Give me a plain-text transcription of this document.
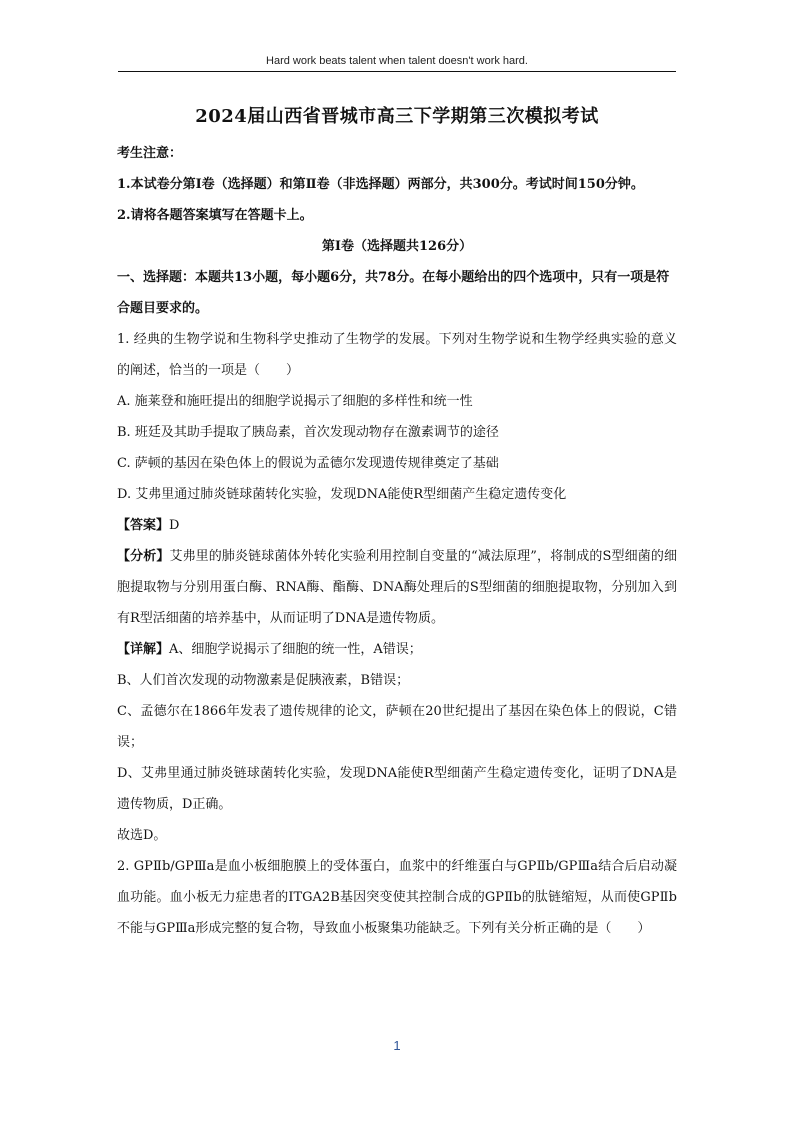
Hard work beats talent when talent doesn't work hard.
2024届山西省晋城市高三下学期第三次模拟考试

考生注意：

1.本试卷分第Ⅰ卷（选择题）和第Ⅱ卷（非选择题）两部分，共300分。考试时间150分钟。

2.请将各题答案填写在答题卡上。

第Ⅰ卷（选择题共126分）

一、选择题：本题共13小题，每小题6分，共78分。在每小题给出的四个选项中，只有一项是符合题目要求的。

1. 经典的生物学说和生物科学史推动了生物学的发展。下列对生物学说和生物学经典实验的意义的阐述，恰当的一项是（　　）

A. 施莱登和施旺提出的细胞学说揭示了细胞的多样性和统一性

B. 班廷及其助手提取了胰岛素，首次发现动物存在激素调节的途径

C. 萨顿的基因在染色体上的假说为孟德尔发现遗传规律奠定了基础

D. 艾弗里通过肺炎链球菌转化实验，发现DNA能使R型细菌产生稳定遗传变化

【答案】D

【分析】艾弗里的肺炎链球菌体外转化实验利用控制自变量的“减法原理”，将制成的S型细菌的细胞提取物与分别用蛋白酶、RNA酶、酯酶、DNA酶处理后的S型细菌的细胞提取物，分别加入到有R型活细菌的培养基中，从而证明了DNA是遗传物质。

【详解】A、细胞学说揭示了细胞的统一性，A错误；

B、人们首次发现的动物激素是促胰液素，B错误；

C、孟德尔在1866年发表了遗传规律的论文，萨顿在20世纪提出了基因在染色体上的假说，C错误；

D、艾弗里通过肺炎链球菌转化实验，发现DNA能使R型细菌产生稳定遗传变化，证明了DNA是遗传物质，D正确。

故选D。

2. GPⅡb/GPⅢa是血小板细胞膜上的受体蛋白，血浆中的纤维蛋白与GPⅡb/GPⅢa结合后启动凝血功能。血小板无力症患者的ITGA2B基因突变使其控制合成的GPⅡb的肽链缩短，从而使GPⅡb不能与GPⅢa形成完整的复合物，导致血小板聚集功能缺乏。下列有关分析正确的是（　　）

1
